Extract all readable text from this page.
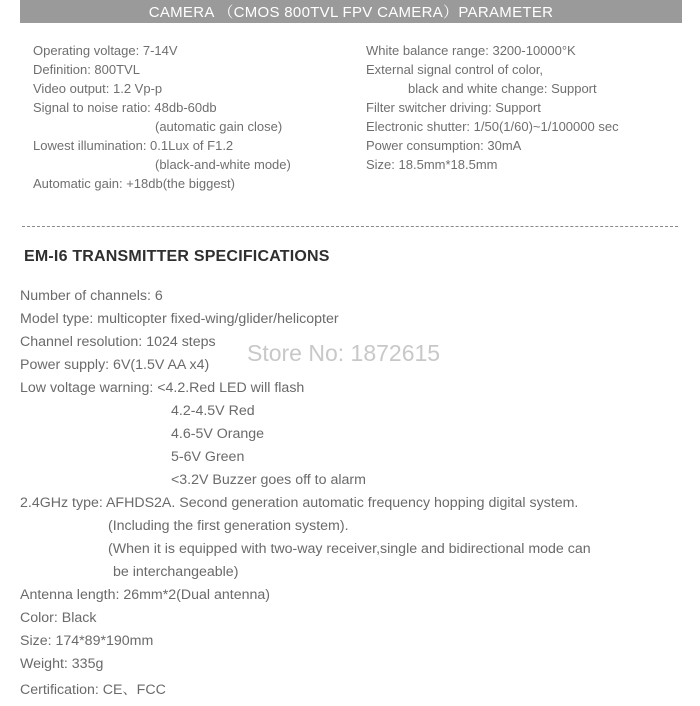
CAMERA （CMOS 800TVL FPV CAMERA）PARAMETER
Operating voltage: 7-14V
Definition: 800TVL
Video output: 1.2 Vp-p
Signal to noise ratio: 48db-60db
(automatic gain close)
Lowest illumination: 0.1Lux of F1.2
(black-and-white mode)
Automatic gain: +18db(the biggest)
White balance range: 3200-10000°K
External signal control of color,
black and white change: Support
Filter switcher driving: Support
Electronic shutter: 1/50(1/60)~1/100000 sec
Power consumption: 30mA
Size: 18.5mm*18.5mm
EM-I6 TRANSMITTER SPECIFICATIONS
Number of channels: 6
Model type: multicopter fixed-wing/glider/helicopter
Channel resolution: 1024 steps
Power supply: 6V(1.5V AA x4)
Low voltage warning: <4.2.Red LED will flash
4.2-4.5V Red
4.6-5V Orange
5-6V Green
<3.2V Buzzer goes off to alarm
2.4GHz type: AFHDS2A. Second generation automatic frequency hopping digital system.
(Including the first generation system).
(When it is equipped with two-way receiver,single and bidirectional mode can
be interchangeable)
Antenna length: 26mm*2(Dual antenna)
Color: Black
Size: 174*89*190mm
Weight: 335g
Certification: CE、FCC
Store No: 1872615
